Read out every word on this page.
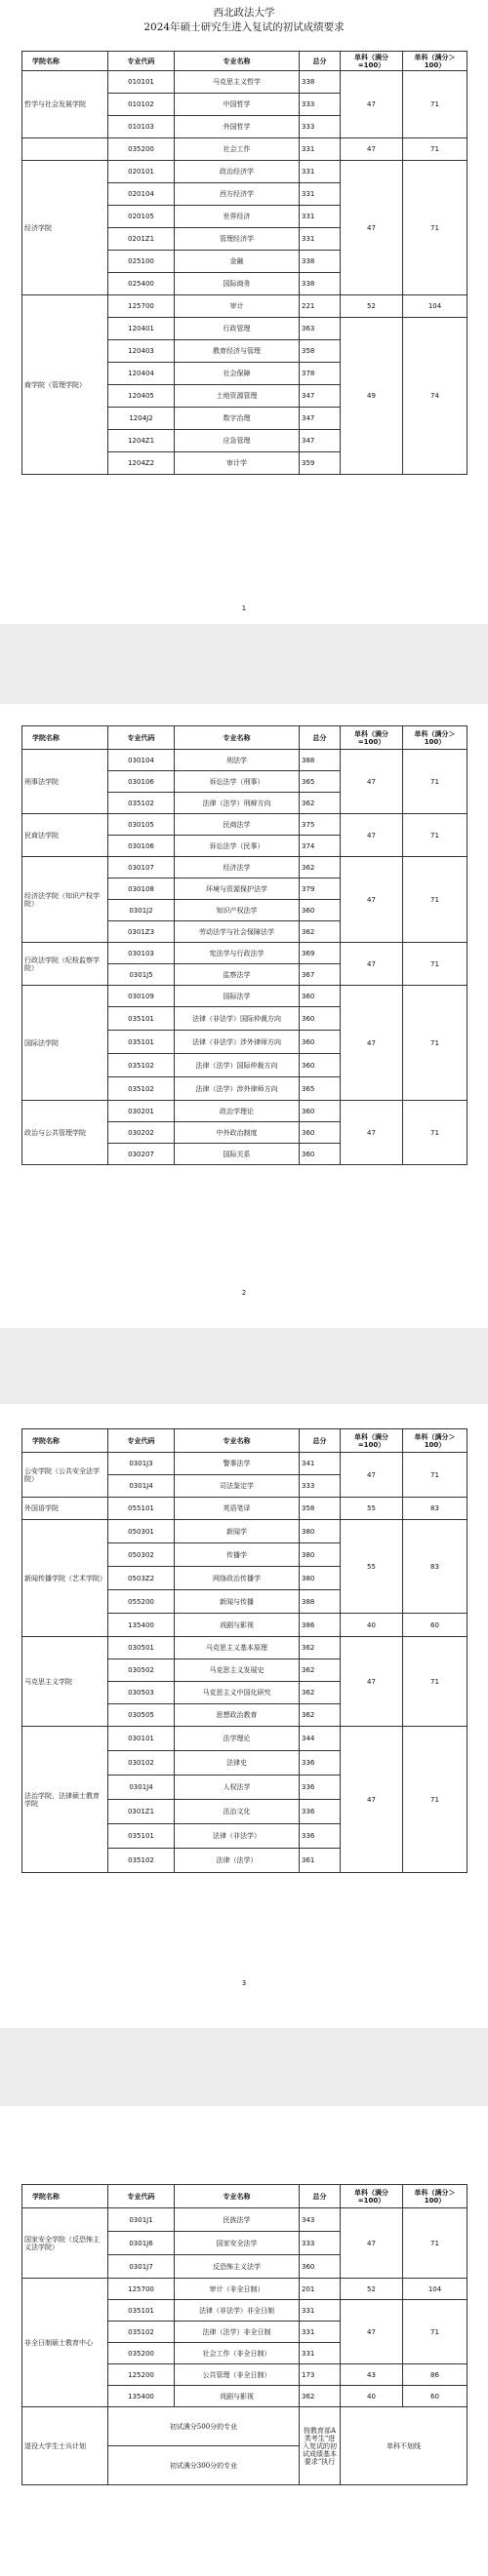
西北政法大学
2024年硕士研究生进入复试的初试成绩要求
学院名称	专业代码	专业名称	总分	单科（满分
=100）	单科（满分＞
100）
哲学与社会发展学院	010101	马克思主义哲学	338	47	71
	010102	中国哲学	333		
	010103	外国哲学	333		
	035200	社会工作	331	47	71
经济学院	020101	政治经济学	331	47	71
	020104	西方经济学	331		
	020105	世界经济	331		
	0201Z1	管理经济学	331		
	025100	金融	338		
	025400	国际商务	338		
商学院（管理学院）	125700	审计	221	52	104
	120401	行政管理	363	49	74
	120403	教育经济与管理	358		
	120404	社会保障	378		
	120405	土地资源管理	347		
	1204J2	数字治理	347		
	1204Z1	应急管理	347		
	1204Z2	审计学	359		
1
学院名称	专业代码	专业名称	总分	单科（满分
=100）	单科（满分＞
100）
刑事法学院	030104	刑法学	388	47	71
	030106	诉讼法学（刑事）	365		
	035102	法律（法学）刑辩方向	362		
民商法学院	030105	民商法学	375	47	71
	030106	诉讼法学（民事）	374		
经济法学院（知识产权学院）	030107	经济法学	362	47	71
	030108	环境与资源保护法学	379		
	0301J2	知识产权法学	360		
	0301Z3	劳动法学与社会保障法学	362		
行政法学院（纪检监察学院）	030103	宪法学与行政法学	369	47	71
	0301J5	监察法学	367		
国际法学院	030109	国际法学	360	47	71
	035101	法律（非法学）国际仲裁方向	360		
	035101	法律（非法学）涉外律师方向	360		
	035102	法律（法学）国际仲裁方向	360		
	035102	法律（法学）涉外律师方向	365		
政治与公共管理学院	030201	政治学理论	360	47	71
	030202	中外政治制度	360		
	030207	国际关系	360		
2
学院名称	专业代码	专业名称	总分	单科（满分
=100）	单科（满分＞
100）
公安学院（公共安全法学院）	0301J3	警事法学	341	47	71
	0301J4	司法鉴定学	333		
外国语学院	055101	英语笔译	358	55	83
新闻传播学院（艺术学院）	050301	新闻学	380	55	83
	050302	传播学	380		
	0503Z2	网络政治传播学	380		
	055200	新闻与传播	388		
	135400	戏剧与影视	386	40	60
马克思主义学院	030501	马克思主义基本原理	362	47	71
	030502	马克思主义发展史	362		
	030503	马克思主义中国化研究	362		
	030505	思想政治教育	362		
法治学院，法律硕士教育学院	030101	法学理论	344	47	71
	030102	法律史	336		
	0301J4	人权法学	336		
	0301Z1	法治文化	336		
	035101	法律（非法学）	336		
	035102	法律（法学）	361		
3
学院名称	专业代码	专业名称	总分	单科（满分
=100）	单科（满分＞
100）
国家安全学院（反恐怖主义法学院）	0301J1	民族法学	343	47	71
	0301J6	国家安全法学	333		
	0301J7	反恐怖主义法学	360		
非全日制硕士教育中心	125700	审计（非全日制）	201	52	104
	035101	法律（非法学）非全日制	331	47	71
	035102	法律（法学）非全日制	331		
	035200	社会工作（非全日制）	331		
	125200	公共管理（非全日制）	173	43	86
	135400	戏剧与影视	362	40	60
退役大学生士兵计划	初试满分500分的专业		按教育部A类考生“进入复试的初试成绩基本要求”执行	单科不划线	
	初试满分300分的专业				
